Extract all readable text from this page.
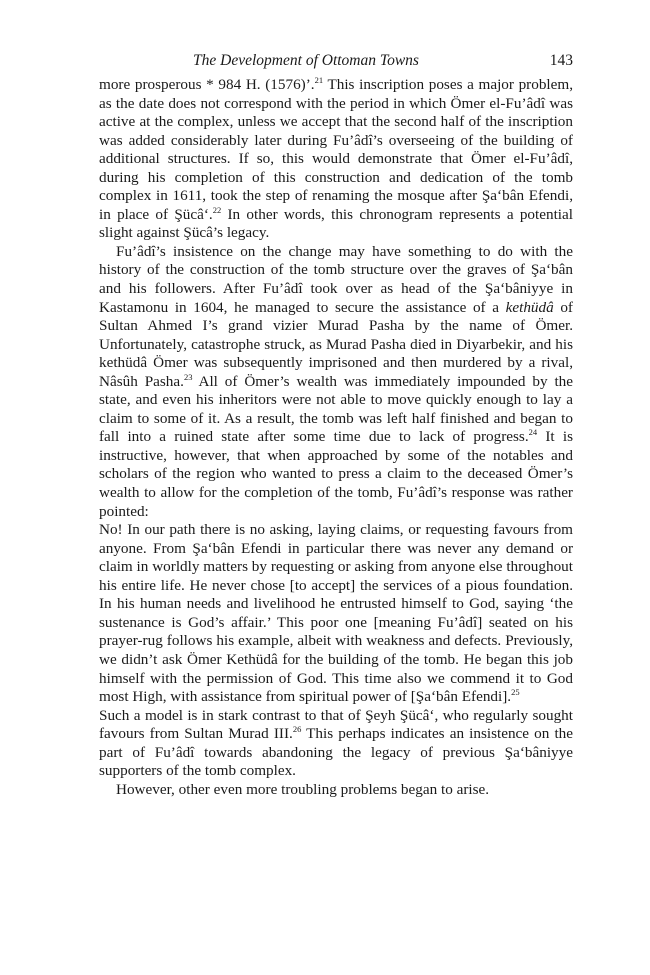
The Development of Ottoman Towns	143

more prosperous * 984 H. (1576)’.$^{21}$ This inscription poses a major problem, as the date does not correspond with the period in which Ömer el-Fu’âdî was active at the complex, unless we accept that the second half of the inscription was added considerably later during Fu’âdî’s overseeing of the building of additional structures. If so, this would demonstrate that Ömer el-Fu’âdî, during his completion of this construction and dedication of the tomb complex in 1611, took the step of renaming the mosque after Şa‘bân Efendi, in place of Şücâ‘.$^{22}$ In other words, this chronogram represents a potential slight against Şücâ’s legacy.

Fu’âdî’s insistence on the change may have something to do with the history of the construction of the tomb structure over the graves of Şa‘bân and his followers. After Fu’âdî took over as head of the Şa‘bâniyye in Kastamonu in 1604, he managed to secure the assistance of a kethüdâ of Sultan Ahmed I’s grand vizier Murad Pasha by the name of Ömer. Unfortunately, catastrophe struck, as Murad Pasha died in Diyarbekir, and his kethüdâ Ömer was subsequently imprisoned and then murdered by a rival, Nâsûh Pasha.$^{23}$ All of Ömer’s wealth was immediately impounded by the state, and even his inheritors were not able to move quickly enough to lay a claim to some of it. As a result, the tomb was left half finished and began to fall into a ruined state after some time due to lack of progress.$^{24}$ It is instructive, however, that when approached by some of the notables and scholars of the region who wanted to press a claim to the deceased Ömer’s wealth to allow for the completion of the tomb, Fu’âdî’s response was rather pointed:

No! In our path there is no asking, laying claims, or requesting favours from anyone. From Şa‘bân Efendi in particular there was never any demand or claim in worldly matters by requesting or asking from anyone else throughout his entire life. He never chose [to accept] the services of a pious foundation. In his human needs and livelihood he entrusted himself to God, saying ‘the sustenance is God’s affair.’ This poor one [meaning Fu’âdî] seated on his prayer-rug follows his example, albeit with weakness and defects. Previously, we didn’t ask Ömer Kethüdâ for the building of the tomb. He began this job himself with the permission of God. This time also we commend it to God most High, with assistance from spiritual power of [Şa‘bân Efendi].$^{25}$

Such a model is in stark contrast to that of Şeyh Şücâ‘, who regularly sought favours from Sultan Murad III.$^{26}$ This perhaps indicates an insistence on the part of Fu’âdî towards abandoning the legacy of previous Şa‘bâniyye supporters of the tomb complex.

However, other even more troubling problems began to arise.
